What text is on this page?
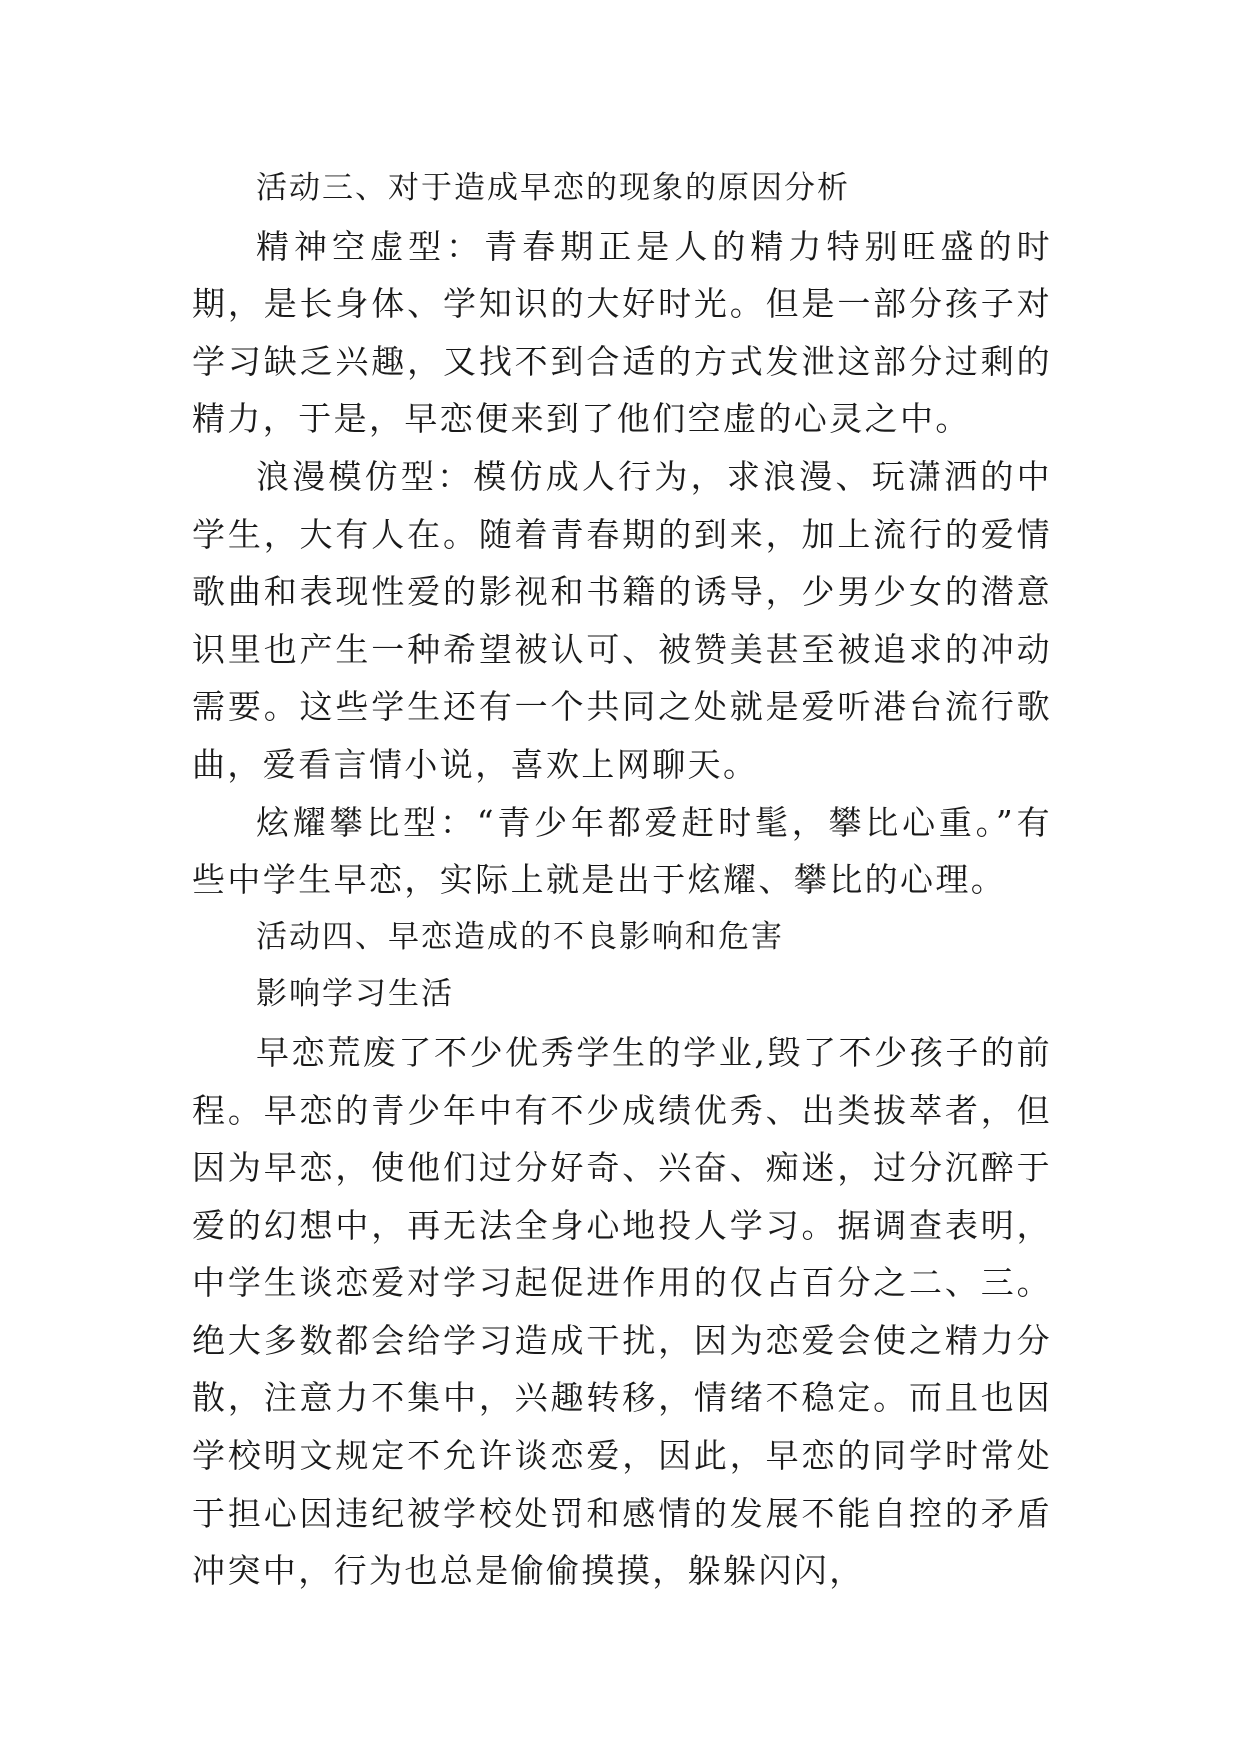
活动三、对于造成早恋的现象的原因分析

精神空虚型：青春期正是人的精力特别旺盛的时期，是长身体、学知识的大好时光。但是一部分孩子对学习缺乏兴趣，又找不到合适的方式发泄这部分过剩的精力，于是，早恋便来到了他们空虚的心灵之中。

浪漫模仿型：模仿成人行为，求浪漫、玩潇洒的中学生，大有人在。随着青春期的到来，加上流行的爱情歌曲和表现性爱的影视和书籍的诱导，少男少女的潜意识里也产生一种希望被认可、被赞美甚至被追求的冲动需要。这些学生还有一个共同之处就是爱听港台流行歌曲，爱看言情小说，喜欢上网聊天。

炫耀攀比型：“青少年都爱赶时髦，攀比心重。”有些中学生早恋，实际上就是出于炫耀、攀比的心理。

活动四、早恋造成的不良影响和危害

影响学习生活

早恋荒废了不少优秀学生的学业,毁了不少孩子的前程。早恋的青少年中有不少成绩优秀、出类拔萃者，但因为早恋，使他们过分好奇、兴奋、痴迷，过分沉醉于爱的幻想中，再无法全身心地投人学习。据调查表明，中学生谈恋爱对学习起促进作用的仅占百分之二、三。绝大多数都会给学习造成干扰，因为恋爱会使之精力分散，注意力不集中，兴趣转移，情绪不稳定。而且也因学校明文规定不允许谈恋爱，因此，早恋的同学时常处于担心因违纪被学校处罚和感情的发展不能自控的矛盾冲突中，行为也总是偷偷摸摸，躲躲闪闪，
